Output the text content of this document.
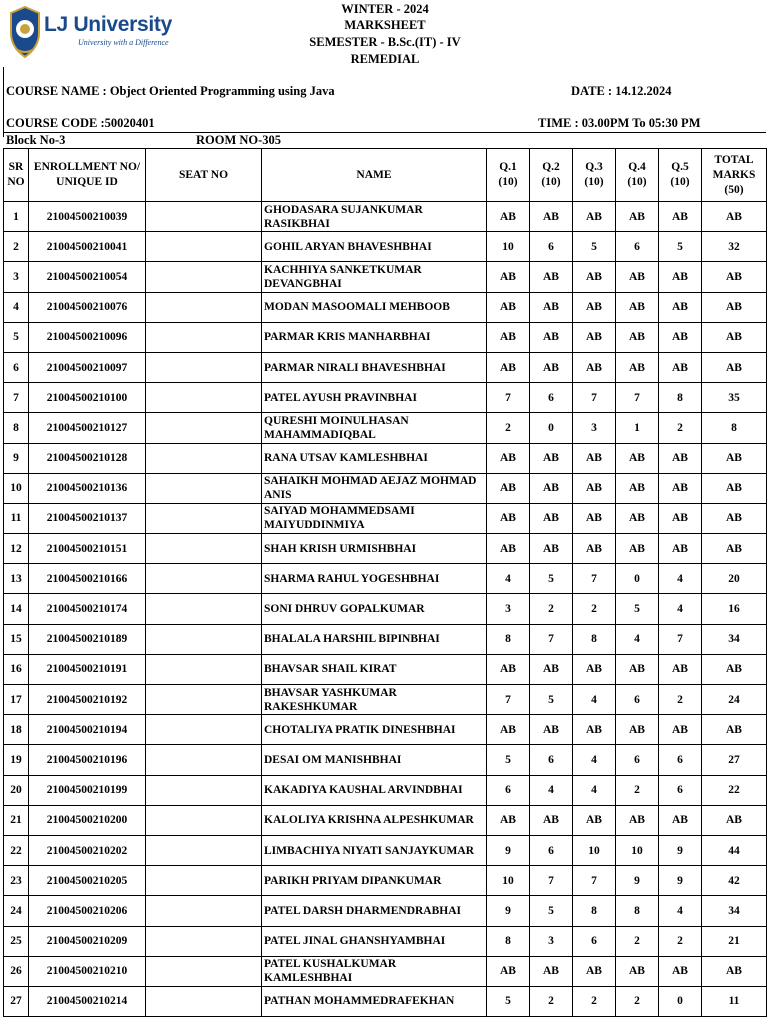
LJ University
University with a Difference
WINTER - 2024
MARKSHEET
SEMESTER - B.Sc.(IT) - IV
REMEDIAL
COURSE NAME : Object Oriented Programming using Java	DATE : 14.12.2024
COURSE CODE :50020401	TIME : 03.00PM To 05:30 PM
Block No-3	ROOM NO-305
SR NO	ENROLLMENT NO/ UNIQUE ID	SEAT NO	NAME	Q.1 (10)	Q.2 (10)	Q.3 (10)	Q.4 (10)	Q.5 (10)	TOTAL MARKS (50)
1	21004500210039		GHODASARA SUJANKUMAR RASIKBHAI	AB	AB	AB	AB	AB	AB
2	21004500210041		GOHIL ARYAN BHAVESHBHAI	10	6	5	6	5	32
3	21004500210054		KACHHIYA SANKETKUMAR DEVANGBHAI	AB	AB	AB	AB	AB	AB
4	21004500210076		MODAN MASOOMALI MEHBOOB	AB	AB	AB	AB	AB	AB
5	21004500210096		PARMAR KRIS MANHARBHAI	AB	AB	AB	AB	AB	AB
6	21004500210097		PARMAR NIRALI BHAVESHBHAI	AB	AB	AB	AB	AB	AB
7	21004500210100		PATEL AYUSH PRAVINBHAI	7	6	7	7	8	35
8	21004500210127		QURESHI MOINULHASAN MAHAMMADIQBAL	2	0	3	1	2	8
9	21004500210128		RANA UTSAV KAMLESHBHAI	AB	AB	AB	AB	AB	AB
10	21004500210136		SAHAIKH MOHMAD AEJAZ MOHMAD ANIS	AB	AB	AB	AB	AB	AB
11	21004500210137		SAIYAD MOHAMMEDSAMI MAIYUDDINMIYA	AB	AB	AB	AB	AB	AB
12	21004500210151		SHAH KRISH URMISHBHAI	AB	AB	AB	AB	AB	AB
13	21004500210166		SHARMA RAHUL YOGESHBHAI	4	5	7	0	4	20
14	21004500210174		SONI DHRUV GOPALKUMAR	3	2	2	5	4	16
15	21004500210189		BHALALA HARSHIL BIPINBHAI	8	7	8	4	7	34
16	21004500210191		BHAVSAR SHAIL KIRAT	AB	AB	AB	AB	AB	AB
17	21004500210192		BHAVSAR YASHKUMAR RAKESHKUMAR	7	5	4	6	2	24
18	21004500210194		CHOTALIYA PRATIK DINESHBHAI	AB	AB	AB	AB	AB	AB
19	21004500210196		DESAI OM MANISHBHAI	5	6	4	6	6	27
20	21004500210199		KAKADIYA KAUSHAL ARVINDBHAI	6	4	4	2	6	22
21	21004500210200		KALOLIYA KRISHNA ALPESHKUMAR	AB	AB	AB	AB	AB	AB
22	21004500210202		LIMBACHIYA NIYATI SANJAYKUMAR	9	6	10	10	9	44
23	21004500210205		PARIKH PRIYAM DIPANKUMAR	10	7	7	9	9	42
24	21004500210206		PATEL DARSH DHARMENDRABHAI	9	5	8	8	4	34
25	21004500210209		PATEL JINAL GHANSHYAMBHAI	8	3	6	2	2	21
26	21004500210210		PATEL KUSHALKUMAR KAMLESHBHAI	AB	AB	AB	AB	AB	AB
27	21004500210214		PATHAN MOHAMMEDRAFEKHAN	5	2	2	2	0	11
